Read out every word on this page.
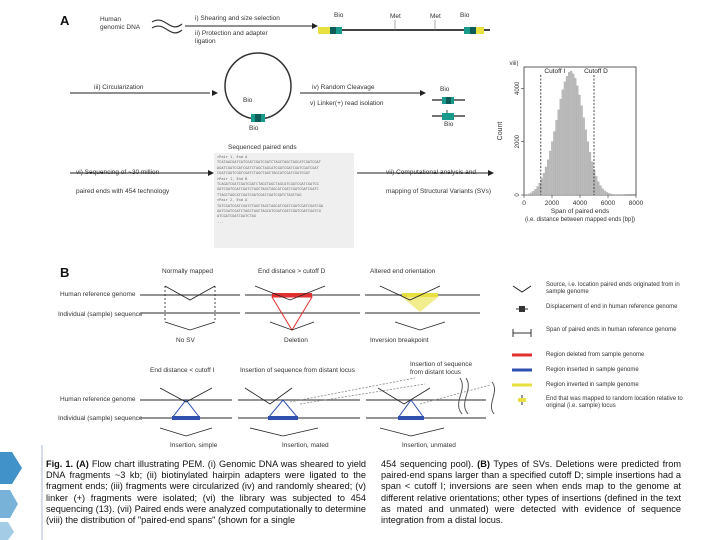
A	Human
genomic DNA
i) Shearing and size selection
ii) Protection and adapter
ligation
Bio	Met	Met	Bio
iii) Circularization
Bio
Bio
iv) Random Cleavage
v) Linker(+) read isolation
Bio
Bio
vi) Sequencing of ~30 million
paired ends with 454 technology
Sequenced paired ends
>Pair 1, End A
TCATAACGATCATCGATCGATCGATCTAGCTAGCTAGCATCGATCGAT
AGATCGATCGATCGATCTAGCTAGCATCGATCGATCGATCGATCGAT
CGATCGATCGATCGATCTAGCTAGCTAGCATCGATCGATCGAT
>Pair 1, End B
TCAGATCGATCGATCGATCTAGCTAGCTAGCATCGATCGATCGATCG
GATCGATCGATCGATCTAGCTAGCTAGCATCGATCGATCGATCGATC
TTAGCTAGCATCGATCGATCGATCGATCGATCTAGCTAG
>Pair 2, End A
TATCGATCGATCGATCTAGCTAGCTAGCATCGATCGATCGATCGATCGA
GATCGATCGATCTAGCTAGCTAGCATCGATCGATCGATCGATCGATCG
ATCGATCGATCGATCTAG
...
vii) Computational analysis and
mapping of Structural Variants (SVs)
0	2000 4000 6000 8000
0
2000
4000
Count
Span of paired ends
(i.e. distance between mapped ends [bp])
Cutoff I	Cutoff D
viii)
B	Normally mapped	End distance > cutoff D	Altered end orientation
Human reference genome
Individual (sample) sequence
No SV	Deletion	Inversion breakpoint
End distance < cutoff I	Insertion of sequence from distant locus
Insertion of sequence
from distant locus
Human reference genome
Individual (sample) sequence
Insertion, simple	Insertion, mated	Insertion, unmated
Source, i.e. location paired ends originated from in sample genome
Displacement of end in human reference genome
Span of paired ends in human reference genome
Region deleted from sample genome
Region inserted in sample genome
Region inverted in sample genome
End that was mapped to random location relative to original (i.e. sample) locus
Fig. 1. (A) Flow chart illustrating PEM. (i) Genomic DNA was sheared to yield DNA fragments ~3 kb; (ii) biotinylated hairpin adapters were ligated to the fragment ends; (iii) fragments were circularized (iv) and randomly sheared; (v) linker (+) fragments were isolated; (vi) the library was subjected to 454 sequencing (13). (vii) Paired ends were analyzed computationally to determine (viii) the distribution of "paired-end spans" (shown for a single
454 sequencing pool). (B) Types of SVs. Deletions were predicted from paired-end spans larger than a specified cutoff D; simple insertions had a span < cutoff I; inversions are seen when ends map to the genome at different relative orientations; other types of insertions (defined in the text as mated and unmated) were detected with evidence of sequence integration from a distal locus.
